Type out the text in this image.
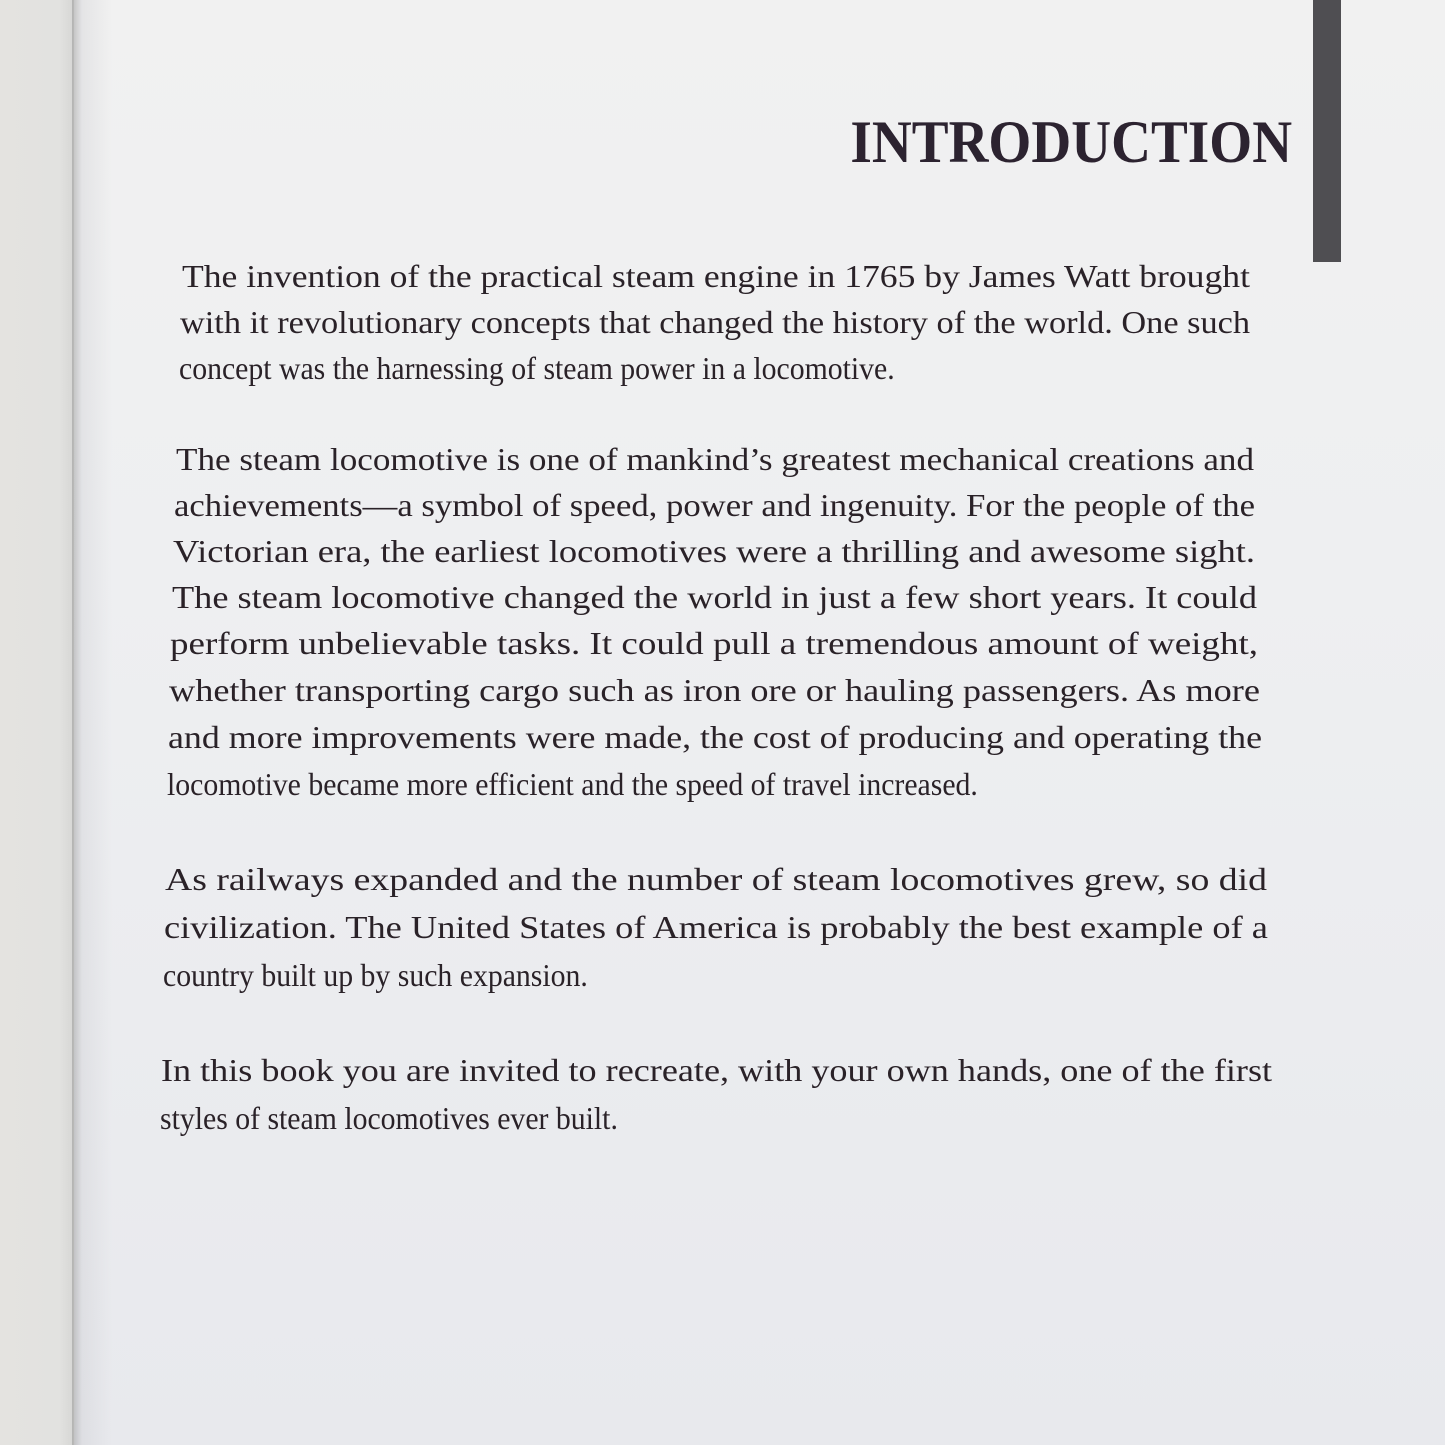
INTRODUCTION
The invention of the practical steam engine in 1765 by James Watt brought
with it revolutionary concepts that changed the history of the world. One such
concept was the harnessing of steam power in a locomotive.
The steam locomotive is one of mankind’s greatest mechanical creations and
achievements—a symbol of speed, power and ingenuity. For the people of the
Victorian era, the earliest locomotives were a thrilling and awesome sight.
The steam locomotive changed the world in just a few short years. It could
perform unbelievable tasks. It could pull a tremendous amount of weight,
whether transporting cargo such as iron ore or hauling passengers. As more
and more improvements were made, the cost of producing and operating the
locomotive became more efficient and the speed of travel increased.
As railways expanded and the number of steam locomotives grew, so did
civilization. The United States of America is probably the best example of a
country built up by such expansion.
In this book you are invited to recreate, with your own hands, one of the first
styles of steam locomotives ever built.
